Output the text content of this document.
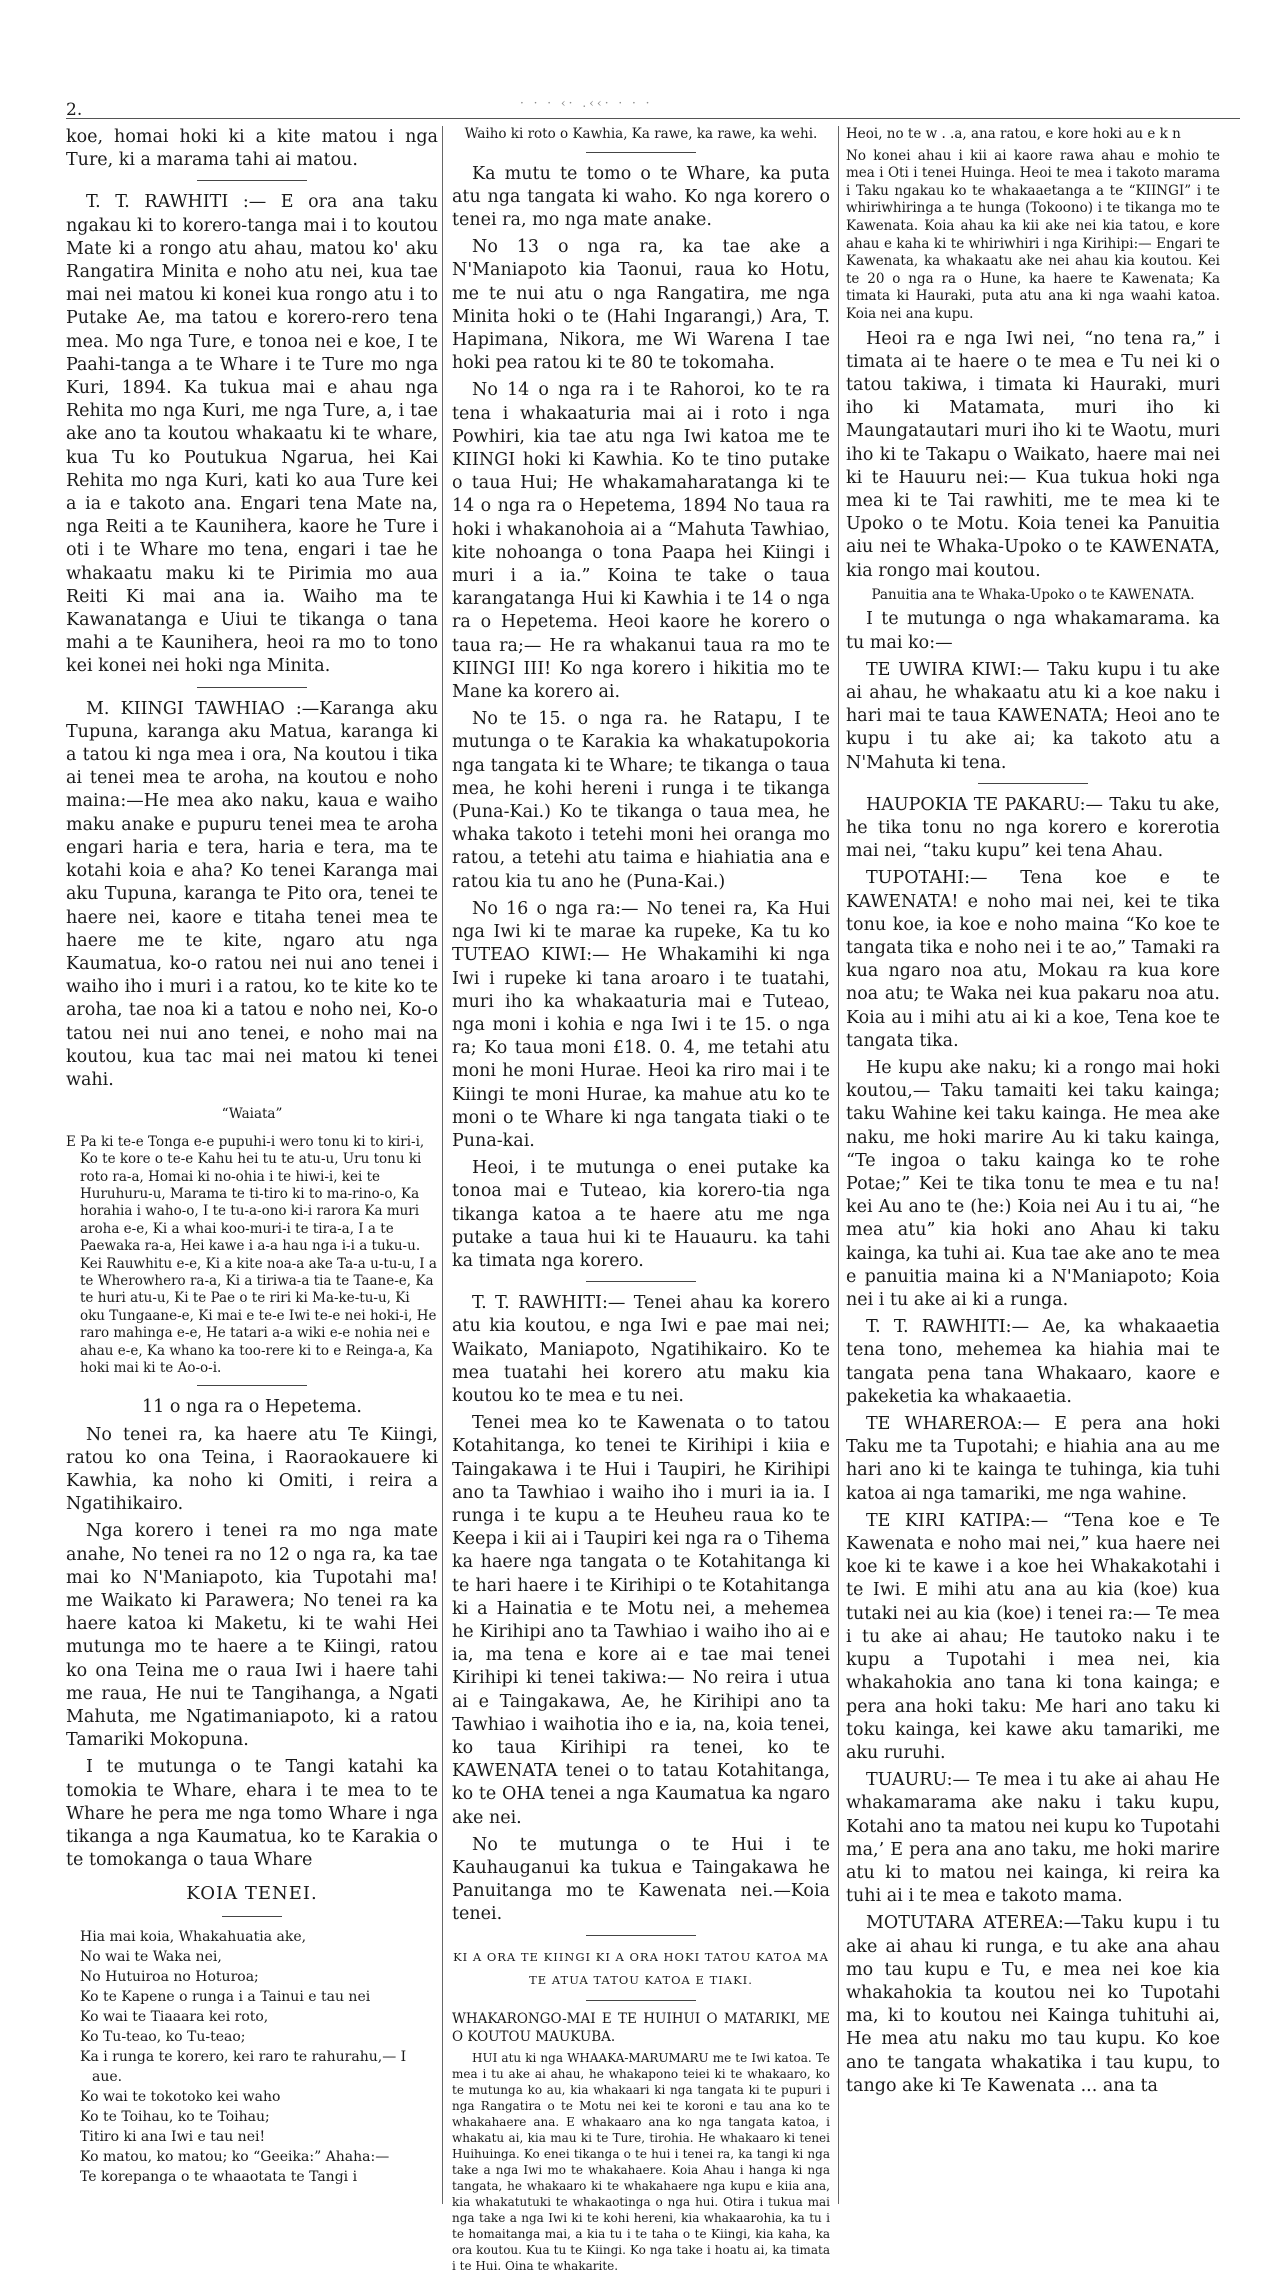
2.	· · · ‹· .‹‹· · · ·

koe, homai hoki ki a kite matou i nga Ture, ki a marama tahi ai matou.

T. T. RAWHITI :— E ora ana taku ngakau ki to korero-tanga mai i to koutou Mate ki a rongo atu ahau, matou ko' aku Rangatira Minita e noho atu nei, kua tae mai nei matou ki konei kua rongo atu i to Putake Ae, ma tatou e korero-rero tena mea. Mo nga Ture, e tonoa nei e koe, I te Paahi-tanga a te Whare i te Ture mo nga Kuri, 1894. Ka tukua mai e ahau nga Rehita mo nga Kuri, me nga Ture, a, i tae ake ano ta koutou whakaatu ki te whare, kua Tu ko Poutukua Ngarua, hei Kai Rehita mo nga Kuri, kati ko aua Ture kei a ia e takoto ana. Engari tena Mate na, nga Reiti a te Kaunihera, kaore he Ture i oti i te Whare mo tena, engari i tae he whakaatu maku ki te Pirimia mo aua Reiti Ki mai ana ia. Waiho ma te Kawanatanga e Uiui te tikanga o tana mahi a te Kaunihera, heoi ra mo to tono kei konei nei hoki nga Minita.

M. KIINGI TAWHIAO :—Karanga aku Tupuna, karanga aku Matua, karanga ki a tatou ki nga mea i ora, Na koutou i tika ai tenei mea te aroha, na koutou e noho maina:—He mea ako naku, kaua e waiho maku anake e pupuru tenei mea te aroha engari haria e tera, haria e tera, ma te kotahi koia e aha? Ko tenei Karanga mai aku Tupuna, karanga te Pito ora, tenei te haere nei, kaore e titaha tenei mea te haere me te kite, ngaro atu nga Kaumatua, ko-o ratou nei nui ano tenei i waiho iho i muri i a ratou, ko te kite ko te aroha, tae noa ki a tatou e noho nei, Ko-o tatou nei nui ano tenei, e noho mai na koutou, kua tac mai nei matou ki tenei wahi.

“Waiata”

E Pa ki te-e Tonga e-e pupuhi-i wero tonu ki to kiri-i, Ko te kore o te-e Kahu hei tu te atu-u, Uru tonu ki roto ra-a, Homai ki no-ohia i te hiwi-i, kei te Huruhuru-u, Marama te ti-tiro ki to ma-rino-o, Ka horahia i waho-o, I te tu-a-ono ki-i rarora Ka muri aroha e-e, Ki a whai koo-muri-i te tira-a, I a te Paewaka ra-a, Hei kawe i a-a hau nga i-i a tuku-u. Kei Rauwhitu e-e, Ki a kite noa-a ake Ta-a u-tu-u, I a te Wherowhero ra-a, Ki a tiriwa-a tia te Taane-e, Ka te huri atu-u, Ki te Pae o te riri ki Ma-ke-tu-u, Ki oku Tungaane-e, Ki mai e te-e Iwi te-e nei hoki-i, He raro mahinga e-e, He tatari a-a wiki e-e nohia nei e ahau e-e, Ka whano ka too-rere ki to e Reinga-a, Ka hoki mai ki te Ao-o-i.

11 o nga ra o Hepetema.

No tenei ra, ka haere atu Te Kiingi, ratou ko ona Teina, i Raoraokauere ki Kawhia, ka noho ki Omiti, i reira a Ngatihikairo.

Nga korero i tenei ra mo nga mate anahe, No tenei ra no 12 o nga ra, ka tae mai ko N'Maniapoto, kia Tupotahi ma! me Waikato ki Parawera; No tenei ra ka haere katoa ki Maketu, ki te wahi Hei mutunga mo te haere a te Kiingi, ratou ko ona Teina me o raua Iwi i haere tahi me raua, He nui te Tangihanga, a Ngati Mahuta, me Ngatimaniapoto, ki a ratou Tamariki Mokopuna.

I te mutunga o te Tangi katahi ka tomokia te Whare, ehara i te mea to te Whare he pera me nga tomo Whare i nga tikanga a nga Kaumatua, ko te Karakia o te tomokanga o taua Whare

KOIA TENEI.
Hia mai koia, Whakahuatia ake,
No wai te Waka nei,
No Hutuiroa no Hoturoa;
Ko te Kapene o runga i a Tainui e tau nei
Ko wai te Tiaaara kei roto,
Ko Tu-teao, ko Tu-teao;
Ka i runga te korero, kei raro te rahurahu,— I aue.
Ko wai te tokotoko kei waho
Ko te Toihau, ko te Toihau;
Titiro ki ana Iwi e tau nei!
Ko matou, ko matou; ko “Geeika:” Ahaha:—
Te korepanga o te whaaotata te Tangi i

Waiho ki roto o Kawhia, Ka rawe, ka rawe, ka wehi.

Ka mutu te tomo o te Whare, ka puta atu nga tangata ki waho. Ko nga korero o tenei ra, mo nga mate anake.

No 13 o nga ra, ka tae ake a N'Maniapoto kia Taonui, raua ko Hotu, me te nui atu o nga Rangatira, me nga Minita hoki o te (Hahi Ingarangi,) Ara, T. Hapimana, Nikora, me Wi Warena I tae hoki pea ratou ki te 80 te tokomaha.

No 14 o nga ra i te Rahoroi, ko te ra tena i whakaaturia mai ai i roto i nga Powhiri, kia tae atu nga Iwi katoa me te KIINGI hoki ki Kawhia. Ko te tino putake o taua Hui; He whakamaharatanga ki te 14 o nga ra o Hepetema, 1894 No taua ra hoki i whakanohoia ai a “Mahuta Tawhiao, kite nohoanga o tona Paapa hei Kiingi i muri i a ia.” Koina te take o taua karangatanga Hui ki Kawhia i te 14 o nga ra o Hepetema. Heoi kaore he korero o taua ra;— He ra whakanui taua ra mo te KIINGI III! Ko nga korero i hikitia mo te Mane ka korero ai.

No te 15. o nga ra. he Ratapu, I te mutunga o te Karakia ka whakatupokoria nga tangata ki te Whare; te tikanga o taua mea, he kohi hereni i runga i te tikanga (Puna-Kai.) Ko te tikanga o taua mea, he whaka takoto i tetehi moni hei oranga mo ratou, a tetehi atu taima e hiahiatia ana e ratou kia tu ano he (Puna-Kai.)

No 16 o nga ra:— No tenei ra, Ka Hui nga Iwi ki te marae ka rupeke, Ka tu ko TUTEAO KIWI:— He Whakamihi ki nga Iwi i rupeke ki tana aroaro i te tuatahi, muri iho ka whakaaturia mai e Tuteao, nga moni i kohia e nga Iwi i te 15. o nga ra; Ko taua moni £18. 0. 4, me tetahi atu moni he moni Hurae. Heoi ka riro mai i te Kiingi te moni Hurae, ka mahue atu ko te moni o te Whare ki nga tangata tiaki o te Puna-kai.

Heoi, i te mutunga o enei putake ka tonoa mai e Tuteao, kia korero-tia nga tikanga katoa a te haere atu me nga putake a taua hui ki te Hauauru. ka tahi ka timata nga korero.

T. T. RAWHITI:— Tenei ahau ka korero atu kia koutou, e nga Iwi e pae mai nei; Waikato, Maniapoto, Ngatihikairo. Ko te mea tuatahi hei korero atu maku kia koutou ko te mea e tu nei.

Tenei mea ko te Kawenata o to tatou Kotahitanga, ko tenei te Kirihipi i kiia e Taingakawa i te Hui i Taupiri, he Kirihipi ano ta Tawhiao i waiho iho i muri ia ia. I runga i te kupu a te Heuheu raua ko te Keepa i kii ai i Taupiri kei nga ra o Tihema ka haere nga tangata o te Kotahitanga ki te hari haere i te Kirihipi o te Kotahitanga ki a Hainatia e te Motu nei, a mehemea he Kirihipi ano ta Tawhiao i waiho iho ai e ia, ma tena e kore ai e tae mai tenei Kirihipi ki tenei takiwa:— No reira i utua ai e Taingakawa, Ae, he Kirihipi ano ta Tawhiao i waihotia iho e ia, na, koia tenei, ko taua Kirihipi ra tenei, ko te KAWENATA tenei o to tatau Kotahitanga, ko te OHA tenei a nga Kaumatua ka ngaro ake nei.

No te mutunga o te Hui i te Kauhauganui ka tukua e Taingakawa he Panuitanga mo te Kawenata nei.—Koia tenei.

KI A ORA TE KIINGI KI A ORA HOKI TATOU KATOA MA TE ATUA TATOU KATOA E TIAKI.

WHAKARONGO-MAI E TE HUIHUI O MATARIKI, ME O KOUTOU MAUKUBA.

HUI atu ki nga WHAAKA-MARUMARU me te Iwi katoa. Te mea i tu ake ai ahau, he whakapono teiei ki te whakaaro, ko te mutunga ko au, kia whakaari ki nga tangata ki te pupuri i nga Rangatira o te Motu nei kei te koroni e tau ana ko te whakahaere ana. E whakaaro ana ko nga tangata katoa, i whakatu ai, kia mau ki te Ture, tirohia. He whakaaro ki tenei Huihuinga. Ko enei tikanga o te hui i tenei ra, ka tangi ki nga take a nga Iwi mo te whakahaere. Koia Ahau i hanga ki nga tangata, he whakaaro ki te whakahaere nga kupu e kiia ana, kia whakatutuki te whakaotinga o nga hui. Otira i tukua mai nga take a nga Iwi ki te kohi hereni, kia whakaarohia, ka tu i te homaitanga mai, a kia tu i te taha o te Kiingi, kia kaha, ka ora koutou. Kua tu te Kiingi. Ko nga take i hoatu ai, ka timata i te Hui. Oina te whakarite.

Heoi, no te w . .a, ana ratou, e kore hoki au e k n

No konei ahau i kii ai kaore rawa ahau e mohio te mea i Oti i tenei Huinga. Heoi te mea i takoto marama i Taku ngakau ko te whakaaetanga a te “KIINGI” i te whiriwhiringa a te hunga (Tokoono) i te tikanga mo te Kawenata. Koia ahau ka kii ake nei kia tatou, e kore ahau e kaha ki te whiriwhiri i nga Kirihipi:— Engari te Kawenata, ka whakaatu ake nei ahau kia koutou. Kei te 20 o nga ra o Hune, ka haere te Kawenata; Ka timata ki Hauraki, puta atu ana ki nga waahi katoa. Koia nei ana kupu.

Heoi ra e nga Iwi nei, “no tena ra,” i timata ai te haere o te mea e Tu nei ki o tatou takiwa, i timata ki Hauraki, muri iho ki Matamata, muri iho ki Maungatautari muri iho ki te Waotu, muri iho ki te Takapu o Waikato, haere mai nei ki te Hauuru nei:— Kua tukua hoki nga mea ki te Tai rawhiti, me te mea ki te Upoko o te Motu. Koia tenei ka Panuitia aiu nei te Whaka-Upoko o te KAWENATA, kia rongo mai koutou.

Panuitia ana te Whaka-Upoko o te KAWENATA.

I te mutunga o nga whakamarama. ka tu mai ko:—

TE UWIRA KIWI:— Taku kupu i tu ake ai ahau, he whakaatu atu ki a koe naku i hari mai te taua KAWENATA; Heoi ano te kupu i tu ake ai; ka takoto atu a N'Mahuta ki tena.

HAUPOKIA TE PAKARU:— Taku tu ake, he tika tonu no nga korero e korerotia mai nei, “taku kupu” kei tena Ahau.

TUPOTAHI:— Tena koe e te KAWENATA! e noho mai nei, kei te tika tonu koe, ia koe e noho maina “Ko koe te tangata tika e noho nei i te ao,” Tamaki ra kua ngaro noa atu, Mokau ra kua kore noa atu; te Waka nei kua pakaru noa atu. Koia au i mihi atu ai ki a koe, Tena koe te tangata tika.

He kupu ake naku; ki a rongo mai hoki koutou,— Taku tamaiti kei taku kainga; taku Wahine kei taku kainga. He mea ake naku, me hoki marire Au ki taku kainga, “Te ingoa o taku kainga ko te rohe Potae;” Kei te tika tonu te mea e tu na! kei Au ano te (he:) Koia nei Au i tu ai, “he mea atu” kia hoki ano Ahau ki taku kainga, ka tuhi ai. Kua tae ake ano te mea e panuitia maina ki a N'Maniapoto; Koia nei i tu ake ai ki a runga.

T. T. RAWHITI:— Ae, ka whakaaetia tena tono, mehemea ka hiahia mai te tangata pena tana Whakaaro, kaore e pakeketia ka whakaaetia.

TE WHAREROA:— E pera ana hoki Taku me ta Tupotahi; e hiahia ana au me hari ano ki te kainga te tuhinga, kia tuhi katoa ai nga tamariki, me nga wahine.

TE KIRI KATIPA:— “Tena koe e Te Kawenata e noho mai nei,” kua haere nei koe ki te kawe i a koe hei Whakakotahi i te Iwi. E mihi atu ana au kia (koe) kua tutaki nei au kia (koe) i tenei ra:— Te mea i tu ake ai ahau; He tautoko naku i te kupu a Tupotahi i mea nei, kia whakahokia ano tana ki tona kainga; e pera ana hoki taku: Me hari ano taku ki toku kainga, kei kawe aku tamariki, me aku ruruhi.

TUAURU:— Te mea i tu ake ai ahau He whakamarama ake naku i taku kupu, Kotahi ano ta matou nei kupu ko Tupotahi ma,’ E pera ana ano taku, me hoki marire atu ki to matou nei kainga, ki reira ka tuhi ai i te mea e takoto mama.

MOTUTARA ATEREA:—Taku kupu i tu ake ai ahau ki runga, e tu ake ana ahau mo tau kupu e Tu, e mea nei koe kia whakahokia ta koutou nei ko Tupotahi ma, ki to koutou nei Kainga tuhituhi ai, He mea atu naku mo tau kupu. Ko koe ano te tangata whakatika i tau kupu, to tango ake ki Te Kawenata ... ana ta
